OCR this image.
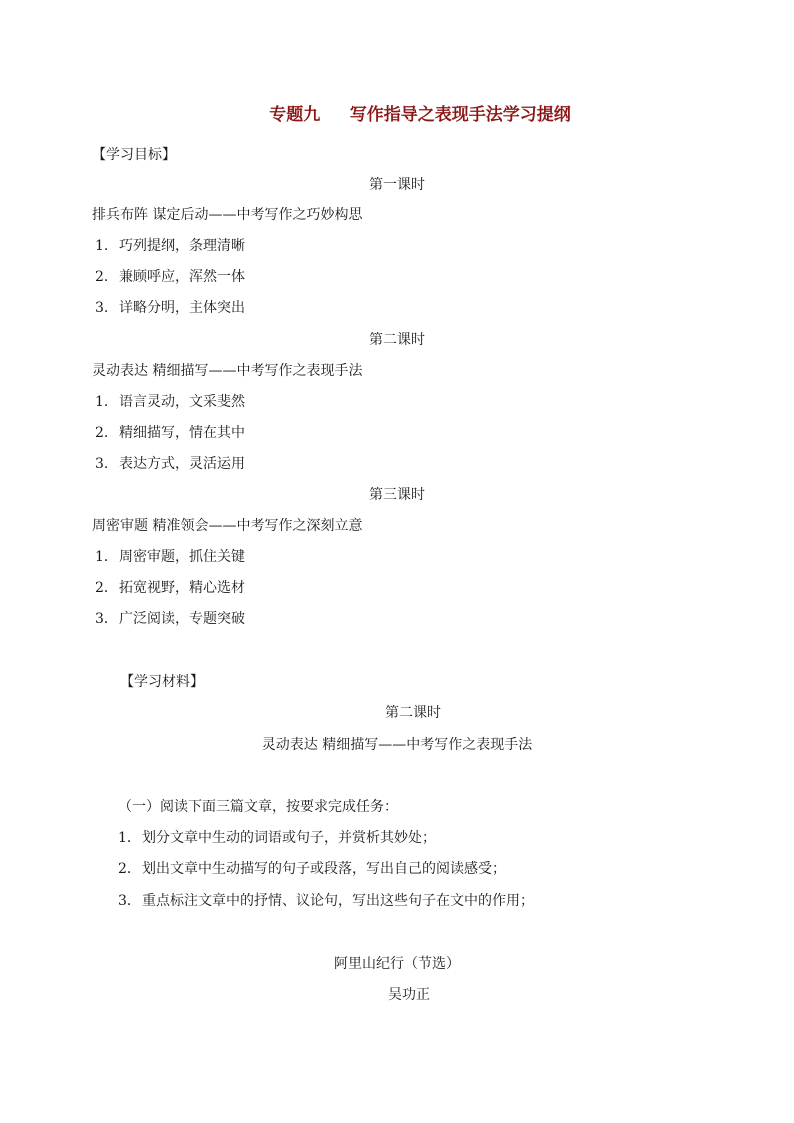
专题九     写作指导之表现手法学习提纲
【学习目标】
第一课时
排兵布阵 谋定后动——中考写作之巧妙构思
1. 巧列提纲，条理清晰
2. 兼顾呼应，浑然一体
3. 详略分明，主体突出
第二课时
灵动表达 精细描写——中考写作之表现手法
1. 语言灵动，文采斐然
2. 精细描写，情在其中
3. 表达方式，灵活运用
第三课时
周密审题 精准领会——中考写作之深刻立意
1．周密审题，抓住关键
2．拓宽视野，精心选材
3．广泛阅读，专题突破
【学习材料】
第二课时
灵动表达 精细描写——中考写作之表现手法
（一）阅读下面三篇文章，按要求完成任务：
1．划分文章中生动的词语或句子，并赏析其妙处；
2．划出文章中生动描写的句子或段落，写出自己的阅读感受；
3．重点标注文章中的抒情、议论句，写出这些句子在文中的作用；
阿里山纪行（节选）
吴功正
